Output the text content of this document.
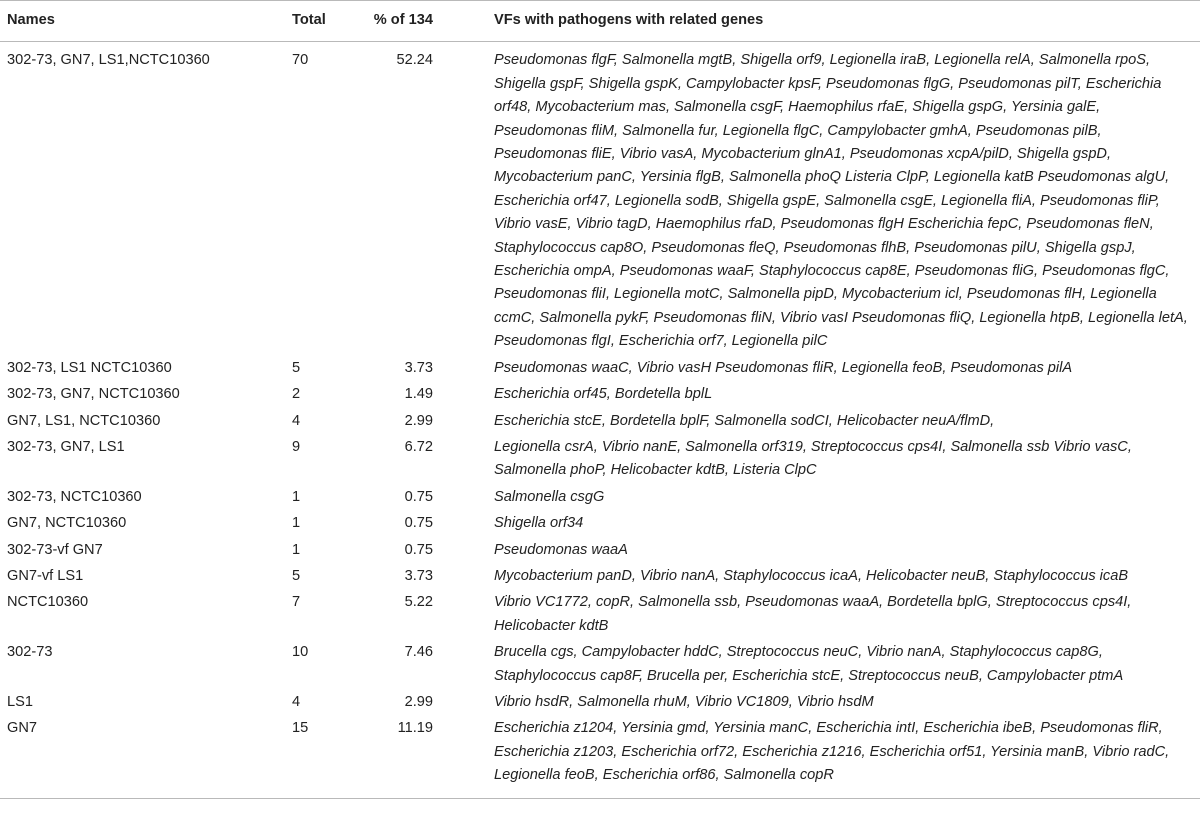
Names	Total	% of 134		VFs with pathogens with related genes
302-73, GN7, LS1,NCTC10360	70	52.24		Pseudomonas flgF, Salmonella mgtB, Shigella orf9, Legionella iraB, Legionella relA, Salmonella rpoS, Shigella gspF, Shigella gspK, Campylobacter kpsF, Pseudomonas flgG, Pseudomonas pilT, Escherichia orf48, Mycobacterium mas, Salmonella csgF, Haemophilus rfaE, Shigella gspG, Yersinia galE, Pseudomonas fliM, Salmonella fur, Legionella flgC, Campylobacter gmhA, Pseudomonas pilB, Pseudomonas fliE, Vibrio vasA, Mycobacterium glnA1, Pseudomonas xcpA/pilD, Shigella gspD, Mycobacterium panC, Yersinia flgB, Salmonella phoQ Listeria ClpP, Legionella katB Pseudomonas algU, Escherichia orf47, Legionella sodB, Shigella gspE, Salmonella csgE, Legionella fliA, Pseudomonas fliP, Vibrio vasE, Vibrio tagD, Haemophilus rfaD, Pseudomonas flgH Escherichia fepC, Pseudomonas fleN, Staphylococcus cap8O, Pseudomonas fleQ, Pseudomonas flhB, Pseudomonas pilU, Shigella gspJ, Escherichia ompA, Pseudomonas waaF, Staphylococcus cap8E, Pseudomonas fliG, Pseudomonas flgC, Pseudomonas fliI, Legionella motC, Salmonella pipD, Mycobacterium icl, Pseudomonas flH, Legionella ccmC, Salmonella pykF, Pseudomonas fliN, Vibrio vasI Pseudomonas fliQ, Legionella htpB, Legionella letA, Pseudomonas flgI, Escherichia orf7, Legionella pilC
302-73, LS1 NCTC10360	5	3.73		Pseudomonas waaC, Vibrio vasH Pseudomonas fliR, Legionella feoB, Pseudomonas pilA
302-73, GN7, NCTC10360	2	1.49		Escherichia orf45, Bordetella bplL
GN7, LS1, NCTC10360	4	2.99		Escherichia stcE, Bordetella bplF, Salmonella sodCI, Helicobacter neuA/flmD,
302-73, GN7, LS1	9	6.72		Legionella csrA, Vibrio nanE, Salmonella orf319, Streptococcus cps4I, Salmonella ssb Vibrio vasC, Salmonella phoP, Helicobacter kdtB, Listeria ClpC
302-73, NCTC10360	1	0.75		Salmonella csgG
GN7, NCTC10360	1	0.75		Shigella orf34
302-73-vf GN7	1	0.75		Pseudomonas waaA
GN7-vf LS1	5	3.73		Mycobacterium panD, Vibrio nanA, Staphylococcus icaA, Helicobacter neuB, Staphylococcus icaB
NCTC10360	7	5.22		Vibrio VC1772, copR, Salmonella ssb, Pseudomonas waaA, Bordetella bplG, Streptococcus cps4I, Helicobacter kdtB
302-73	10	7.46		Brucella cgs, Campylobacter hddC, Streptococcus neuC, Vibrio nanA, Staphylococcus cap8G, Staphylococcus cap8F, Brucella per, Escherichia stcE, Streptococcus neuB, Campylobacter ptmA
LS1	4	2.99		Vibrio hsdR, Salmonella rhuM, Vibrio VC1809, Vibrio hsdM
GN7	15	11.19		Escherichia z1204, Yersinia gmd, Yersinia manC, Escherichia intI, Escherichia ibeB, Pseudomonas fliR, Escherichia z1203, Escherichia orf72, Escherichia z1216, Escherichia orf51, Yersinia manB, Vibrio radC, Legionella feoB, Escherichia orf86, Salmonella copR
